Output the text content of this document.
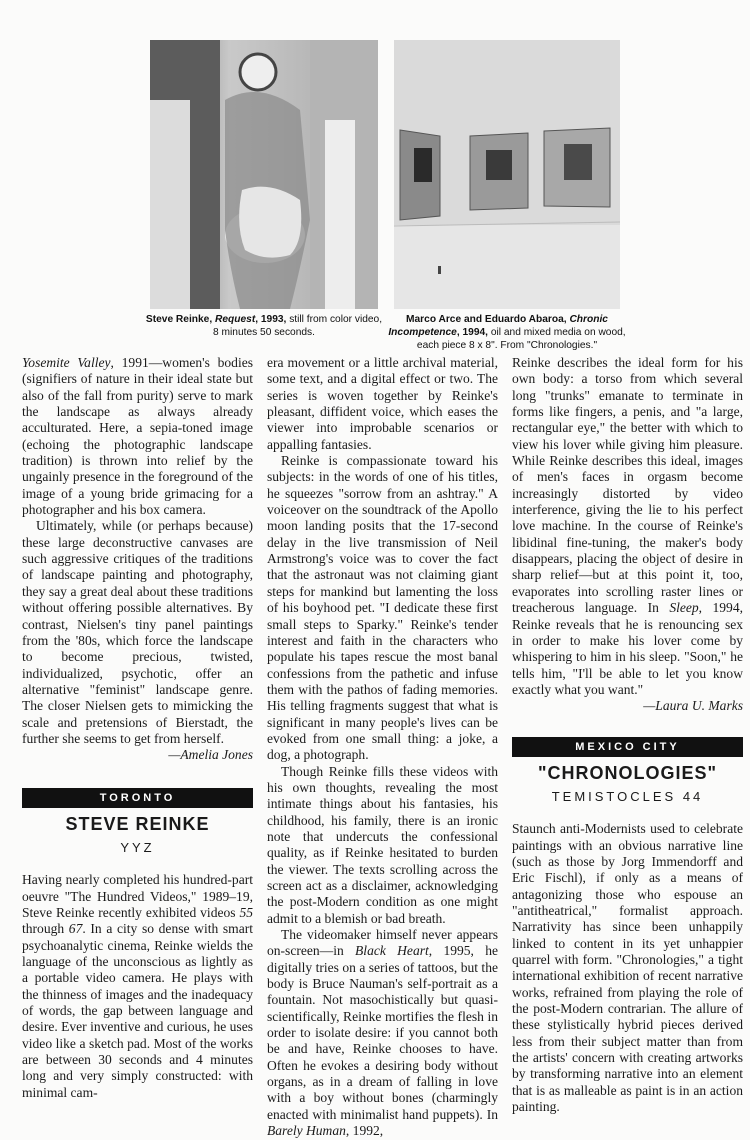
Steve Reinke, Request, 1993, still from color video,
8 minutes 50 seconds.
Marco Arce and Eduardo Abaroa, Chronic
Incompetence, 1994, oil and mixed media on wood,
each piece 8 x 8". From "Chronologies."

Yosemite Valley, 1991—women's bodies (signifiers of nature in their ideal state but also of the fall from purity) serve to mark the landscape as always already acculturated. Here, a sepia-toned image (echoing the photographic landscape tradition) is thrown into relief by the ungainly presence in the foreground of the image of a young bride grimacing for a photographer and his box camera.

Ultimately, while (or perhaps because) these large deconstructive canvases are such aggressive critiques of the traditions of landscape painting and photography, they say a great deal about these traditions without offering possible alternatives. By contrast, Nielsen's tiny panel paintings from the '80s, which force the landscape to become precious, twisted, individualized, psychotic, offer an alternative "feminist" landscape genre. The closer Nielsen gets to mimicking the scale and pretensions of Bierstadt, the further she seems to get from herself.

—Amelia Jones

TORONTO
STEVE REINKE
YYZ

Having nearly completed his hundred-part oeuvre "The Hundred Videos," 1989–19, Steve Reinke recently exhibited videos 55 through 67. In a city so dense with smart psychoanalytic cinema, Reinke wields the language of the unconscious as lightly as a portable video camera. He plays with the thinness of images and the inadequacy of words, the gap between language and desire. Ever inventive and curious, he uses video like a sketch pad. Most of the works are between 30 seconds and 4 minutes long and very simply constructed: with minimal cam-

era movement or a little archival material, some text, and a digital effect or two. The series is woven together by Reinke's pleasant, diffident voice, which eases the viewer into improbable scenarios or appalling fantasies.

Reinke is compassionate toward his subjects: in the words of one of his titles, he squeezes "sorrow from an ashtray." A voiceover on the soundtrack of the Apollo moon landing posits that the 17-second delay in the live transmission of Neil Armstrong's voice was to cover the fact that the astronaut was not claiming giant steps for mankind but lamenting the loss of his boyhood pet. "I dedicate these first small steps to Sparky." Reinke's tender interest and faith in the characters who populate his tapes rescue the most banal confessions from the pathetic and infuse them with the pathos of fading memories. His telling fragments suggest that what is significant in many people's lives can be evoked from one small thing: a joke, a dog, a photograph.

Though Reinke fills these videos with his own thoughts, revealing the most intimate things about his fantasies, his childhood, his family, there is an ironic note that undercuts the confessional quality, as if Reinke hesitated to burden the viewer. The texts scrolling across the screen act as a disclaimer, acknowledging the post-Modern condition as one might admit to a blemish or bad breath.

The videomaker himself never appears on-screen—in Black Heart, 1995, he digitally tries on a series of tattoos, but the body is Bruce Nauman's self-portrait as a fountain. Not masochistically but quasi-scientifically, Reinke mortifies the flesh in order to isolate desire: if you cannot both be and have, Reinke chooses to have. Often he evokes a desiring body without organs, as in a dream of falling in love with a boy without bones (charmingly enacted with minimalist hand puppets). In Barely Human, 1992,

Reinke describes the ideal form for his own body: a torso from which several long "trunks" emanate to terminate in forms like fingers, a penis, and "a large, rectangular eye," the better with which to view his lover while giving him pleasure. While Reinke describes this ideal, images of men's faces in orgasm become increasingly distorted by video interference, giving the lie to his perfect love machine. In the course of Reinke's libidinal fine-tuning, the maker's body disappears, placing the object of desire in sharp relief—but at this point it, too, evaporates into scrolling raster lines or treacherous language. In Sleep, 1994, Reinke reveals that he is renouncing sex in order to make his lover come by whispering to him in his sleep. "Soon," he tells him, "I'll be able to let you know exactly what you want."

—Laura U. Marks

MEXICO CITY
"CHRONOLOGIES"
TEMISTOCLES 44

Staunch anti-Modernists used to celebrate paintings with an obvious narrative line (such as those by Jorg Immendorff and Eric Fischl), if only as a means of antagonizing those who espouse an "antitheatrical," formalist approach. Narrativity has since been unhappily linked to content in its yet unhappier quarrel with form. "Chronologies," a tight international exhibition of recent narrative works, refrained from playing the role of the post-Modern contrarian. The allure of these stylistically hybrid pieces derived less from their subject matter than from the artists' concern with creating artworks by transforming narrative into an element that is as malleable as paint is in an action painting.
